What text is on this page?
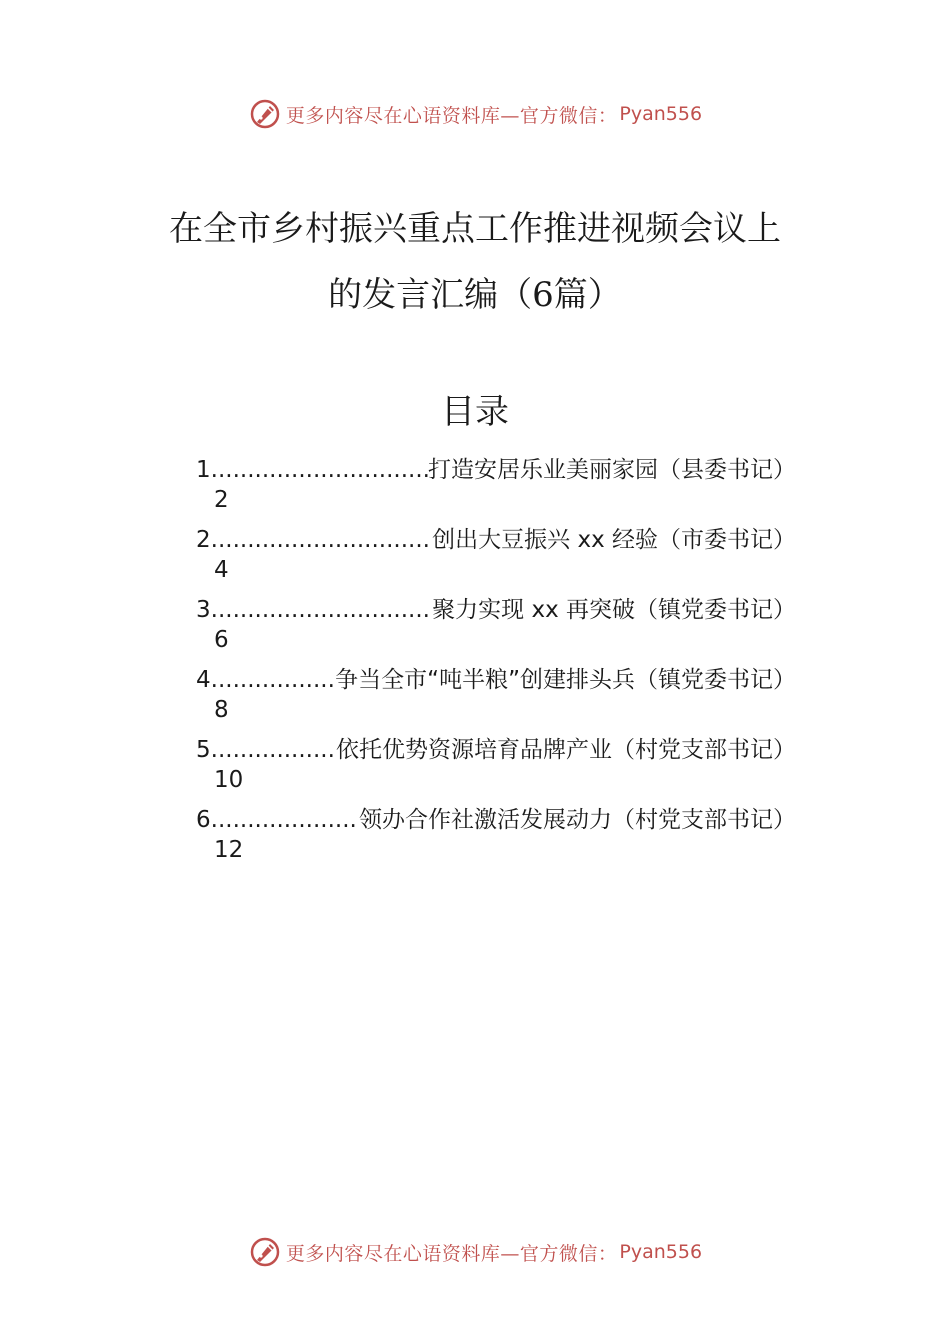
更多内容尽在心语资料库—官方微信： Pyan556
在全市乡村振兴重点工作推进视频会议上
的发言汇编（6篇）
目录
1 .....	打造安居乐业美丽家园（县委书记）
2
2 .....	创出大豆振兴 xx 经验（市委书记）
4
3 .....	聚力实现 xx 再突破（镇党委书记）
6
4 .....	争当全市“吨半粮”创建排头兵（镇党委书记）
8
5 .....	依托优势资源培育品牌产业（村党支部书记）
10
6 .....	领办合作社激活发展动力（村党支部书记）
12
更多内容尽在心语资料库—官方微信： Pyan556
